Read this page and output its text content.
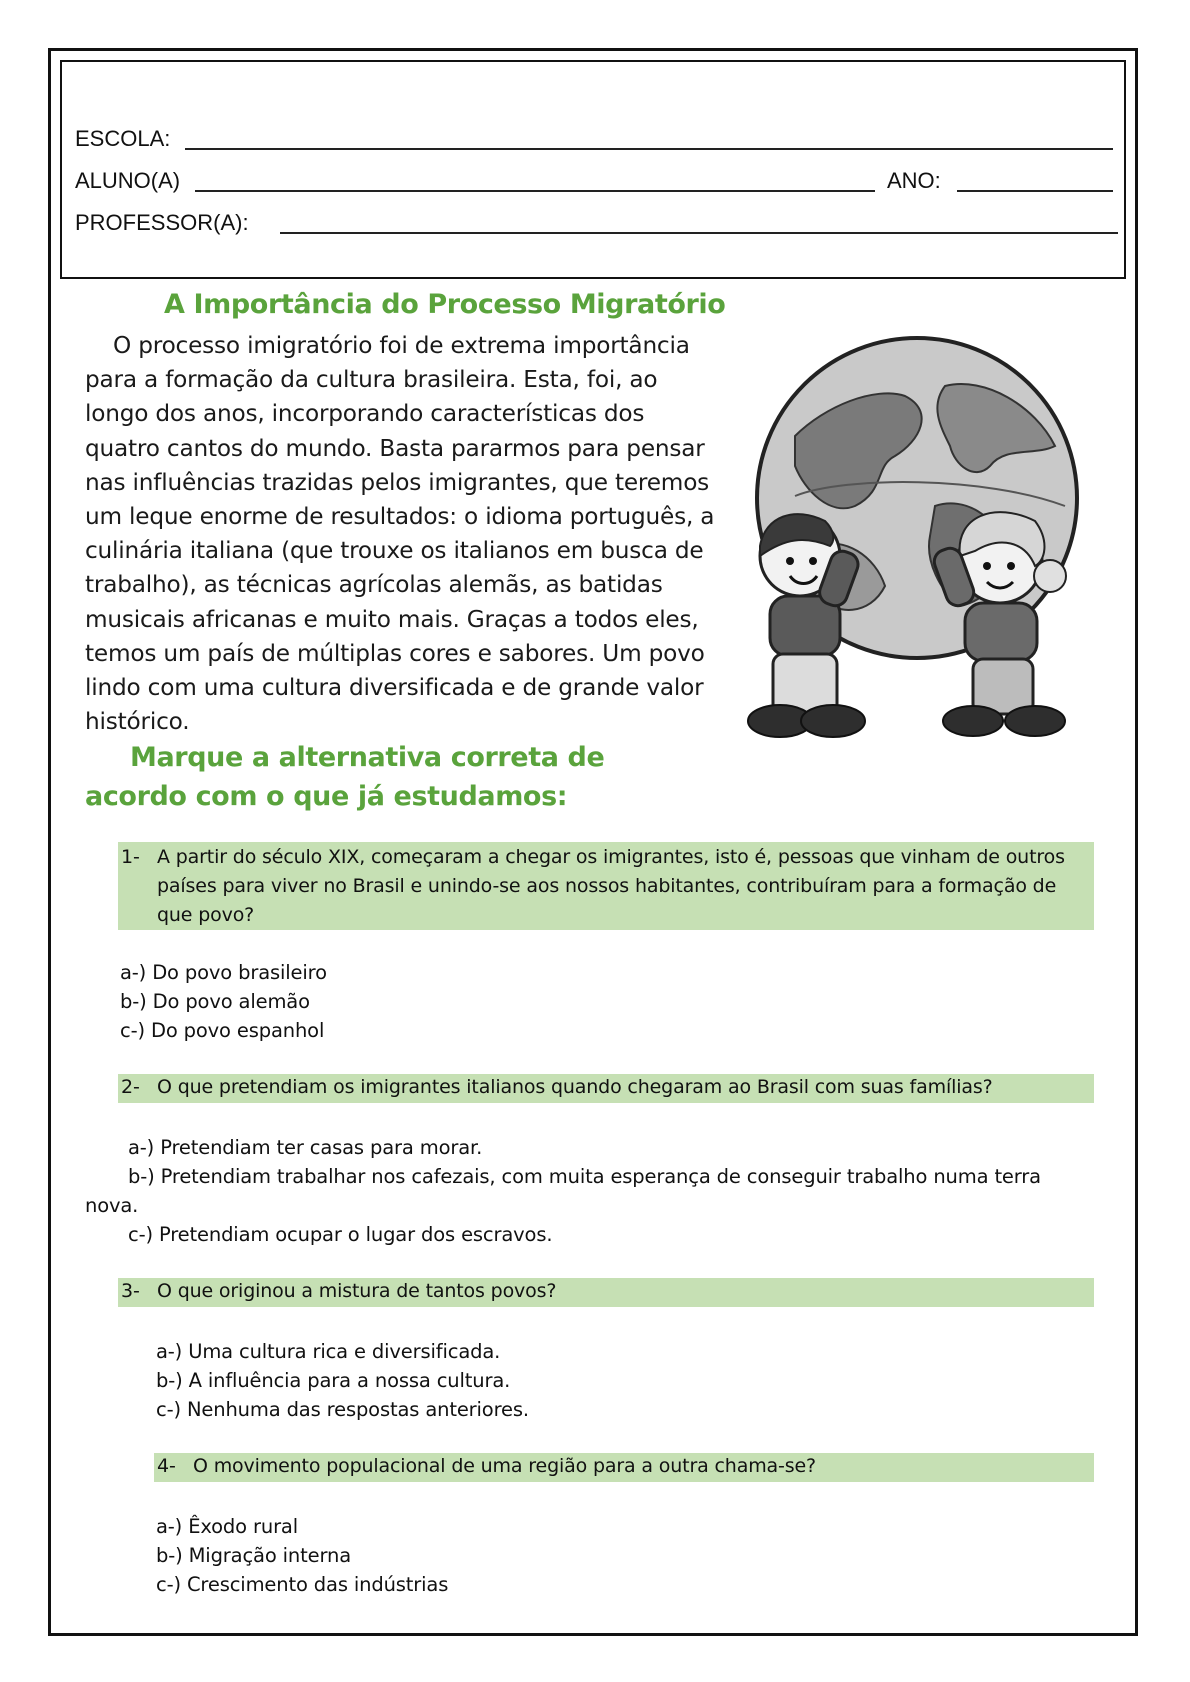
ESCOLA:
ALUNO(A)	ANO:
PROFESSOR(A):
A Importância do Processo Migratório

O processo imigratório foi de extrema importância para a formação da cultura brasileira. Esta, foi, ao longo dos anos, incorporando características dos quatro cantos do mundo. Basta pararmos para pensar nas influências trazidas pelos imigrantes, que teremos um leque enorme de resultados: o idioma português, a culinária italiana (que trouxe os italianos em busca de trabalho), as técnicas agrícolas alemãs, as batidas musicais africanas e muito mais. Graças a todos eles, temos um país de múltiplas cores e sabores. Um povo lindo com uma cultura diversificada e de grande valor histórico.

Marque a alternativa correta de acordo com o que já estudamos:

1- A partir do século XIX, começaram a chegar os imigrantes, isto é, pessoas que vinham de outros países para viver no Brasil e unindo-se aos nossos habitantes, contribuíram para a formação de que povo?
a-) Do povo brasileiro
b-) Do povo alemão
c-) Do povo espanhol
2- O que pretendiam os imigrantes italianos quando chegaram ao Brasil com suas famílias?
a-) Pretendiam ter casas para morar.
b-) Pretendiam trabalhar nos cafezais, com muita esperança de conseguir trabalho numa terra
nova.
c-) Pretendiam ocupar o lugar dos escravos.
3- O que originou a mistura de tantos povos?
a-) Uma cultura rica e diversificada.
b-) A influência para a nossa cultura.
c-) Nenhuma das respostas anteriores.
4- O movimento populacional de uma região para a outra chama-se?
a-) Êxodo rural
b-) Migração interna
c-) Crescimento das indústrias
